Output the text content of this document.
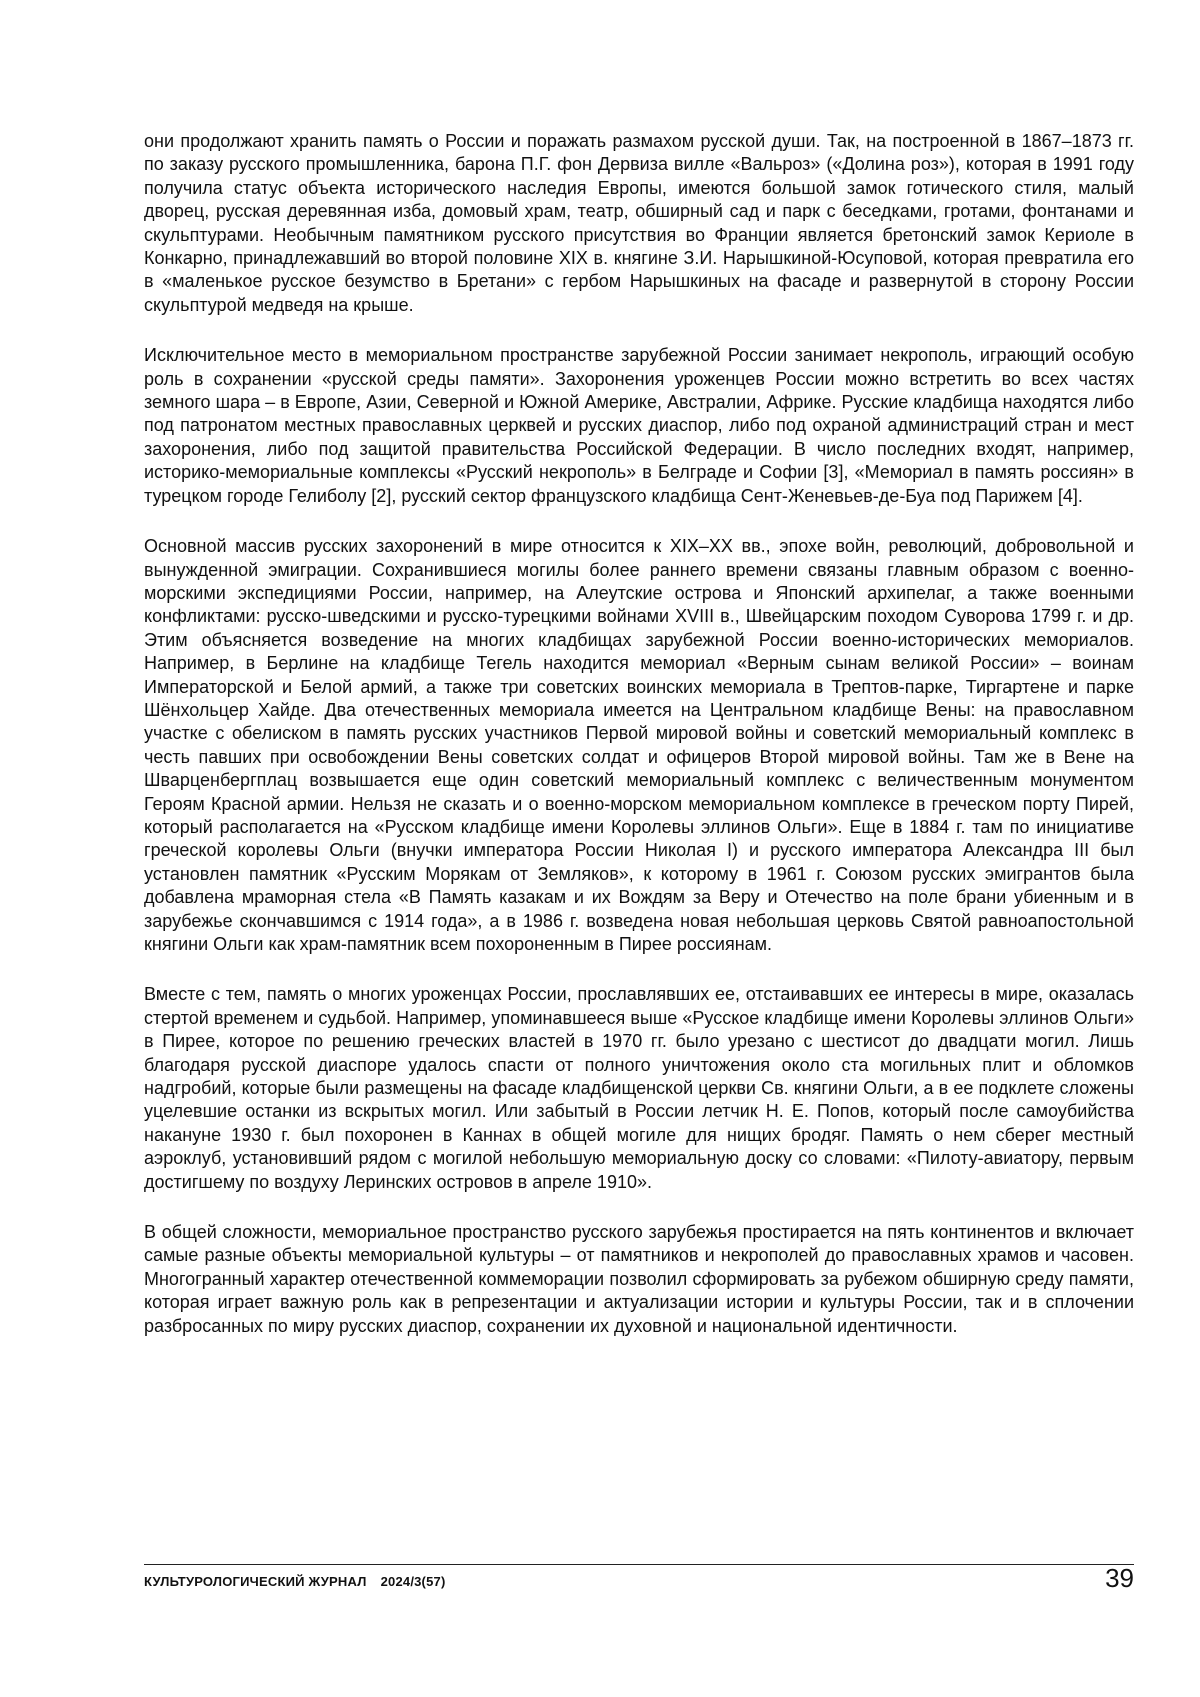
они продолжают хранить память о России и поражать размахом русской души. Так, на построенной в 1867–1873 гг. по заказу русского промышленника, барона П.Г. фон Дервиза вилле «Вальроз» («Долина роз»), которая в 1991 году получила статус объекта исторического наследия Европы, имеются большой замок готического стиля, малый дворец, русская деревянная изба, домовый храм, театр, обширный сад и парк с беседками, гротами, фонтанами и скульптурами. Необычным памятником русского присутствия во Франции является бретонский замок Кериоле в Конкарно, принадлежавший во второй половине XIX в. княгине З.И. Нарышкиной-Юсуповой, которая превратила его в «маленькое русское безумство в Бретани» с гербом Нарышкиных на фасаде и развернутой в сторону России скульптурой медведя на крыше.

Исключительное место в мемориальном пространстве зарубежной России занимает некрополь, играющий особую роль в сохранении «русской среды памяти». Захоронения уроженцев России можно встретить во всех частях земного шара – в Европе, Азии, Северной и Южной Америке, Австралии, Африке. Русские кладбища находятся либо под патронатом местных православных церквей и русских диаспор, либо под охраной администраций стран и мест захоронения, либо под защитой правительства Российской Федерации. В число последних входят, например, историко-мемориальные комплексы «Русский некрополь» в Белграде и Софии [3], «Мемориал в память россиян» в турецком городе Гелиболу [2], русский сектор французского кладбища Сент-Женевьев-де-Буа под Парижем [4].

Основной массив русских захоронений в мире относится к XIX–XX вв., эпохе войн, революций, добровольной и вынужденной эмиграции. Сохранившиеся могилы более раннего времени связаны главным образом с военно-морскими экспедициями России, например, на Алеутские острова и Японский архипелаг, а также военными конфликтами: русско-шведскими и русско-турецкими войнами XVIII в., Швейцарским походом Суворова 1799 г. и др. Этим объясняется возведение на многих кладбищах зарубежной России военно-исторических мемориалов. Например, в Берлине на кладбище Тегель находится мемориал «Верным сынам великой России» – воинам Императорской и Белой армий, а также три советских воинских мемориала в Трептов-парке, Тиргартене и парке Шёнхольцер Хайде. Два отечественных мемориала имеется на Центральном кладбище Вены: на православном участке с обелиском в память русских участников Первой мировой войны и советский мемориальный комплекс в честь павших при освобождении Вены советских солдат и офицеров Второй мировой войны. Там же в Вене на Шварценбергплац возвышается еще один советский мемориальный комплекс с величественным монументом Героям Красной армии. Нельзя не сказать и о военно-морском мемориальном комплексе в греческом порту Пирей, который располагается на «Русском кладбище имени Королевы эллинов Ольги». Еще в 1884 г. там по инициативе греческой королевы Ольги (внучки императора России Николая I) и русского императора Александра III был установлен памятник «Русским Морякам от Земляков», к которому в 1961 г. Союзом русских эмигрантов была добавлена мраморная стела «В Память казакам и их Вождям за Веру и Отечество на поле брани убиенным и в зарубежье скончавшимся с 1914 года», а в 1986 г. возведена новая небольшая церковь Святой равноапостольной княгини Ольги как храм-памятник всем похороненным в Пирее россиянам.

Вместе с тем, память о многих уроженцах России, прославлявших ее, отстаивавших ее интересы в мире, оказалась стертой временем и судьбой. Например, упоминавшееся выше «Русское кладбище имени Королевы эллинов Ольги» в Пирее, которое по решению греческих властей в 1970 гг. было урезано с шестисот до двадцати могил. Лишь благодаря русской диаспоре удалось спасти от полного уничтожения около ста могильных плит и обломков надгробий, которые были размещены на фасаде кладбищенской церкви Св. княгини Ольги, а в ее подклете сложены уцелевшие останки из вскрытых могил. Или забытый в России летчик Н. Е. Попов, который после самоубийства накануне 1930 г. был похоронен в Каннах в общей могиле для нищих бродяг. Память о нем сберег местный аэроклуб, установивший рядом с могилой небольшую мемориальную доску со словами: «Пилоту-авиатору, первым достигшему по воздуху Леринских островов в апреле 1910».

В общей сложности, мемориальное пространство русского зарубежья простирается на пять континентов и включает самые разные объекты мемориальной культуры – от памятников и некрополей до православных храмов и часовен. Многогранный характер отечественной коммеморации позволил сформировать за рубежом обширную среду памяти, которая играет важную роль как в репрезентации и актуализации истории и культуры России, так и в сплочении разбросанных по миру русских диаспор, сохранении их духовной и национальной идентичности.

КУЛЬТУРОЛОГИЧЕСКИЙ ЖУРНАЛ 2024/3(57)	39
